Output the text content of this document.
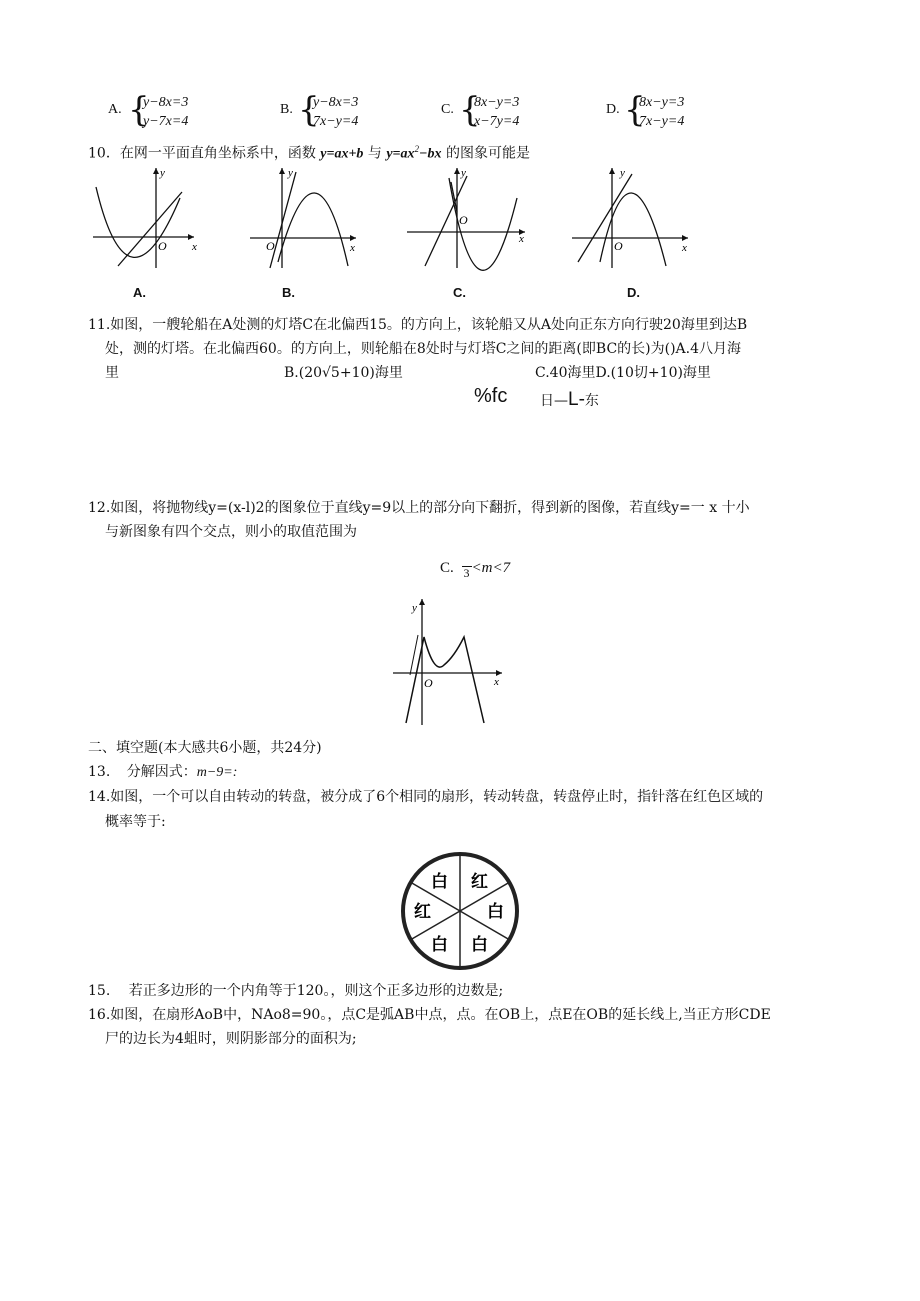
A. {
y−8x=3
y−7x=4
B. {
y−8x=3
7x−y=4
C. {
8x−y=3
x−7y=4
D. {
8x−y=3
7x−y=4
10．在网一平面直角坐标系中，函数 y=ax+b 与 $y=ax^2-bx$ 的图象可能是
x
y
O	x
y
O	x
y
O
x
y
O
A.	B.	C.	D.
11.如图，一艘轮船在A处测的灯塔C在北偏西15。的方向上，该轮船又从A处向正东方向行驶20海里到达B
处，测的灯塔。在北偏西60。的方向上，则轮船在8处时与灯塔C之间的距离(即BC的长)为()A.4八月海
里	B.(20√5+10)海里	C.40海里D.(10切+10)海里
%fc 日—L-东
12.如图，将抛物线y=(x-l)2的图象位于直线y=9以上的部分向下翻折，得到新的图像，若直线y=一 x 十小
与新图象有四个交点，则小的取值范围为
C. 3 <m<7
x
y
O
二、填空题(本大感共6小题，共24分)
13. 分解因式：m−9=:
14.如图，一个可以自由转动的转盘，被分成了6个相同的扇形，转动转盘，转盘停止时，指针落在红色区域的
概率等于:
白 红
白
白
白
红
15. 若正多边形的一个内角等于120。，则这个正多边形的边数是;
16.如图，在扇形AoB中，NAo8=90。，点C是弧AB中点，点。在OB上，点E在OB的延长线上,当正方形CDE
尸的边长为4蛆时，则阴影部分的面积为;
